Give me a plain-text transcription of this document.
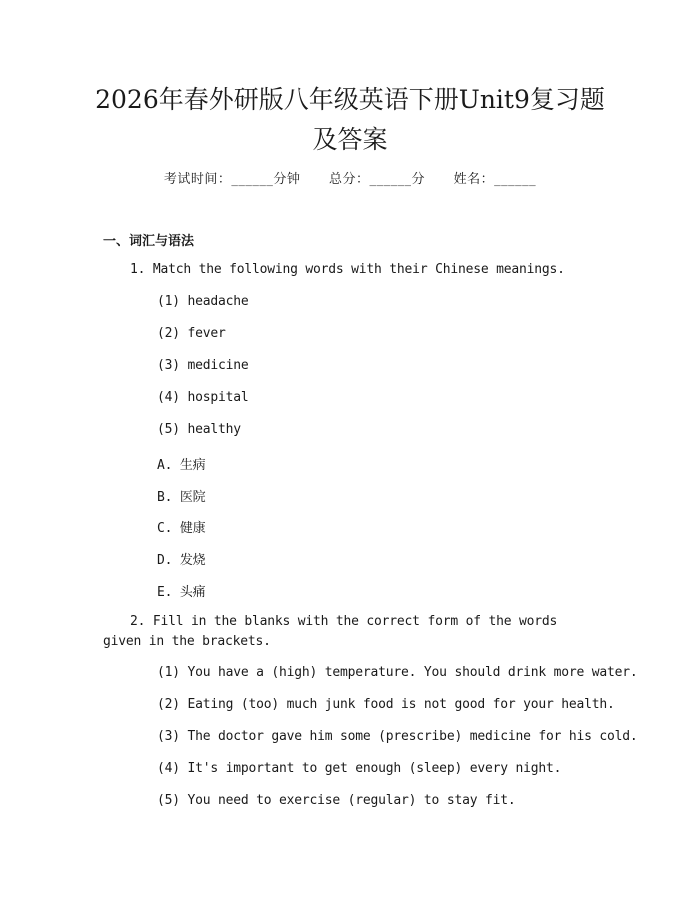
2026年春外研版八年级英语下册Unit9复习题及答案
考试时间：______分钟 总分：______分 姓名：______
一、词汇与语法
1. Match the following words with their Chinese meanings.
(1) headache
(2) fever
(3) medicine
(4) hospital
(5) healthy
A. 生病
B. 医院
C. 健康
D. 发烧
E. 头痛
2. Fill in the blanks with the correct form of the words given in the brackets.
(1) You have a (high) temperature. You should drink more water.
(2) Eating (too) much junk food is not good for your health.
(3) The doctor gave him some (prescribe) medicine for his cold.
(4) It's important to get enough (sleep) every night.
(5) You need to exercise (regular) to stay fit.
